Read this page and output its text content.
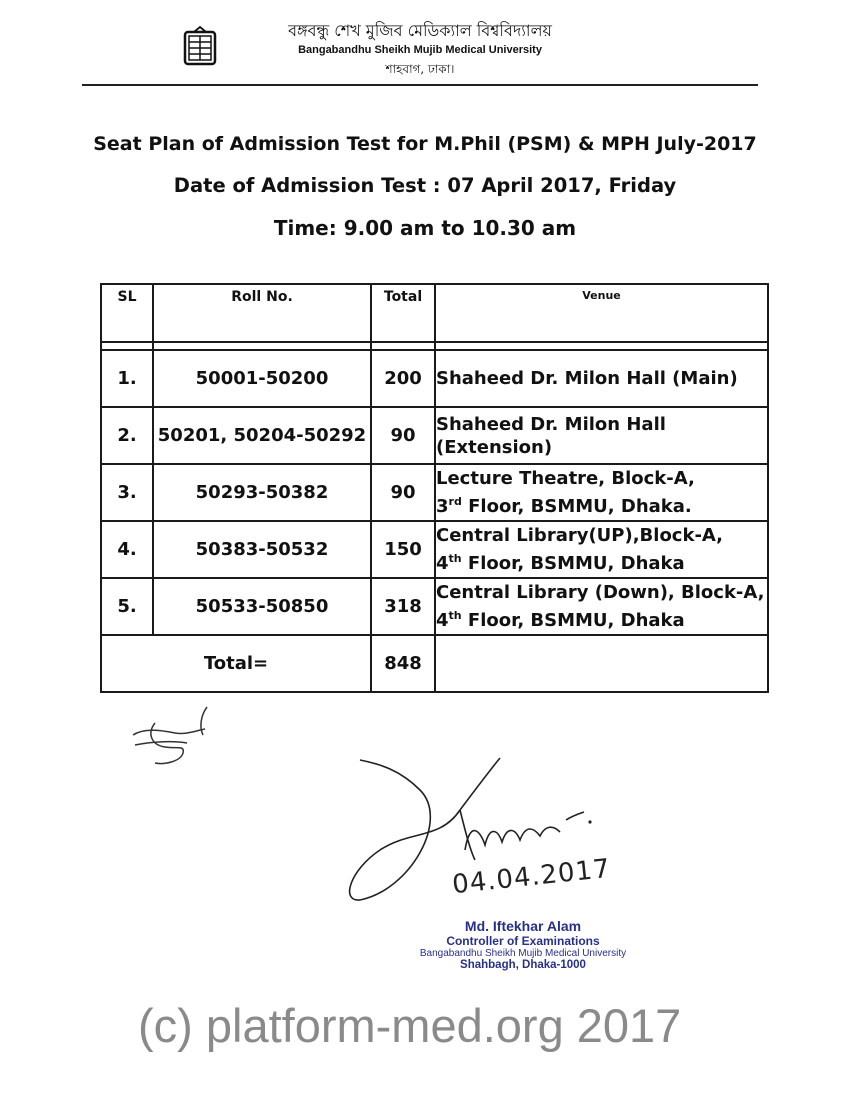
বঙ্গবন্ধু শেখ মুজিব মেডিক্যাল বিশ্ববিদ্যালয়
Bangabandhu Sheikh Mujib Medical University
শাহবাগ, ঢাকা।
Seat Plan of Admission Test for M.Phil (PSM) & MPH July-2017
Date of Admission Test : 07 April 2017, Friday
Time: 9.00 am to 10.30 am
SL	Roll No.	Total	Venue

1.	50001-50200	200	Shaheed Dr. Milon Hall (Main)
2.	50201, 50204-50292	90	Shaheed Dr. Milon Hall
(Extension)
3.	50293-50382	90	Lecture Theatre, Block-A,
3rd Floor, BSMMU, Dhaka.
4.	50383-50532	150	Central Library(UP),Block-A,
4th Floor, BSMMU, Dhaka
5.	50533-50850	318	Central Library (Down), Block-A,
4th Floor, BSMMU, Dhaka
Total=		848	
04.04.2017
Md. Iftekhar Alam
Controller of Examinations
Bangabandhu Sheikh Mujib Medical University
Shahbagh, Dhaka-1000
(c) platform-med.org 2017
